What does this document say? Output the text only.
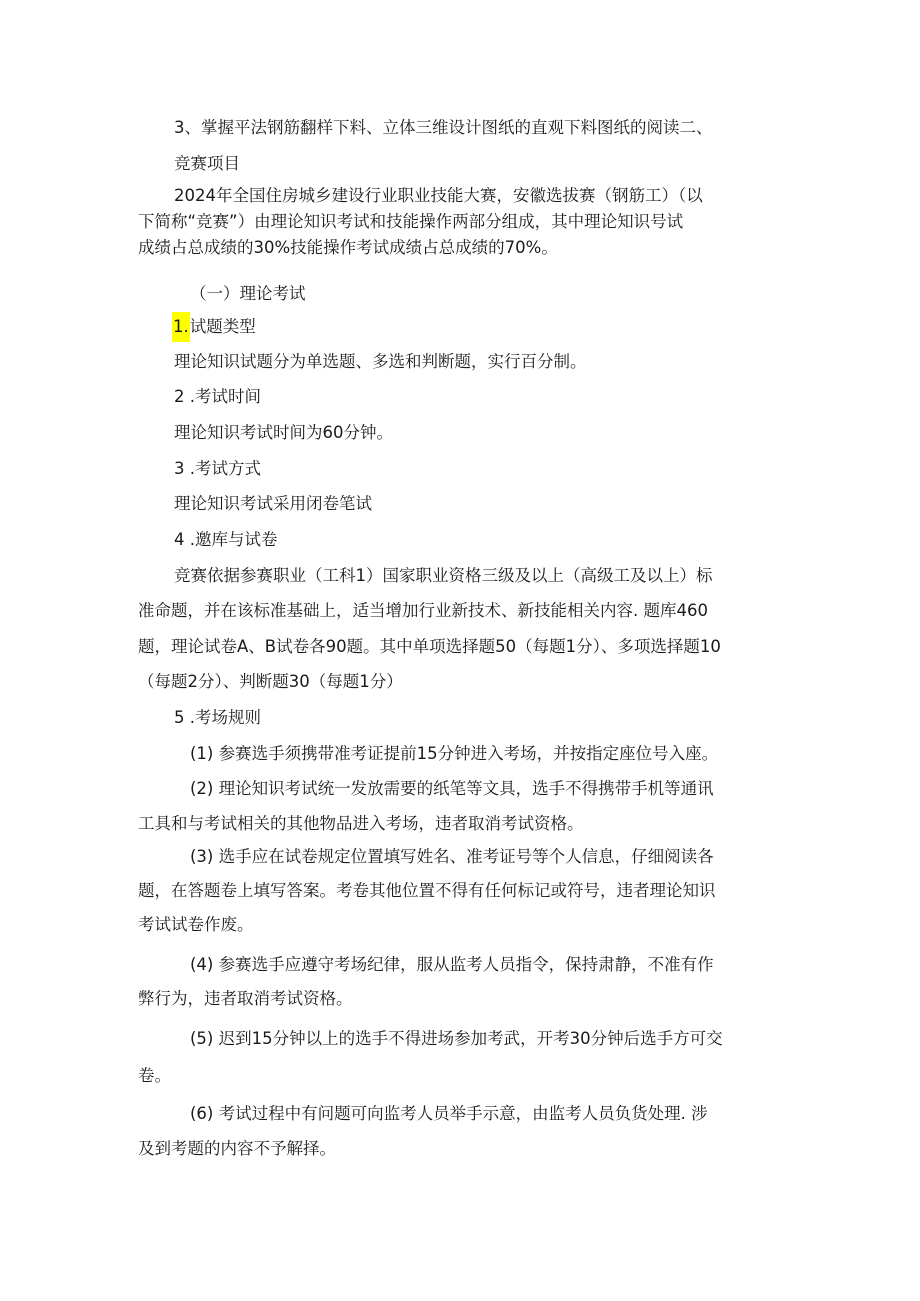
3、掌握平法钢筋翻样下料、立体三维设计图纸的直观下料图纸的阅读二、

竞赛项目

2024年全国住房城乡建设行业职业技能大赛，安徽选拔赛（钢筋工）（以

下简称“竞赛”）由理论知识考试和技能操作两部分组成，其中理论知识号试

成绩占总成绩的30%技能操作考试成绩占总成绩的70%。

（一）理论考试

1.试题类型

理论知识试题分为单选题、多选和判断题，实行百分制。

2 .考试时间

理论知识考试时间为60分钟。

3 .考试方式

理论知识考试采用闭卷笔试

4 .邀库与试卷

竞赛依据参赛职业（工科1）国家职业资格三级及以上（高级工及以上）标

准命题，并在该标准基础上，适当增加行业新技术、新技能相关内容. 题库460

题，理论试卷A、B试卷各90题。其中单项选择题50（每题1分）、多项选择题10

（每题2分）、判断题30（每题1分）

5 .考场规则

(1) 参赛选手须携带准考证提前15分钟进入考场，并按指定座位号入座。

(2) 理论知识考试统一发放需要的纸笔等文具，选手不得携带手机等通讯

工具和与考试相关的其他物品进入考场，违者取消考试资格。

(3) 选手应在试卷规定位置填写姓名、准考证号等个人信息，仔细阅读各

题，在答题卷上填写答案。考卷其他位置不得有任何标记或符号，违者理论知识

考试试卷作废。

(4) 参赛选手应遵守考场纪律，服从监考人员指令，保持肃静，不准有作

弊行为，违者取消考试资格。

(5) 迟到15分钟以上的选手不得进场参加考武，开考30分钟后选手方可交

卷。

(6) 考试过程中有问题可向监考人员举手示意，由监考人员负货处理. 涉

及到考题的内容不予解择。
